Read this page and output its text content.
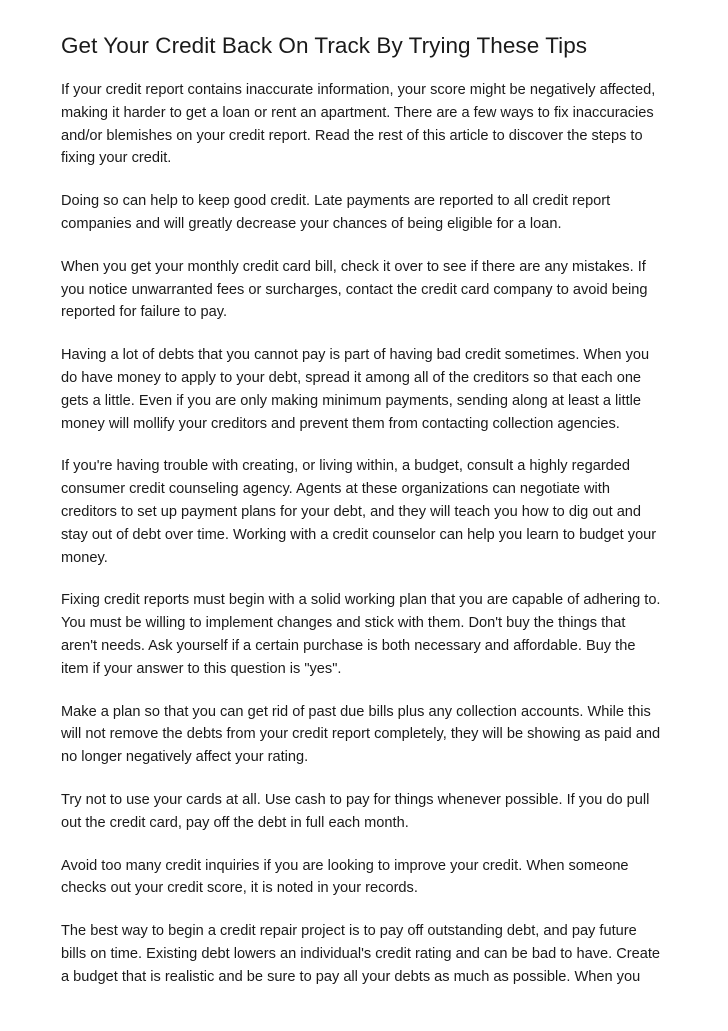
Get Your Credit Back On Track By Trying These Tips

If your credit report contains inaccurate information, your score might be negatively affected,
making it harder to get a loan or rent an apartment. There are a few ways to fix inaccuracies
and/or blemishes on your credit report. Read the rest of this article to discover the steps to
fixing your credit.

Doing so can help to keep good credit. Late payments are reported to all credit report
companies and will greatly decrease your chances of being eligible for a loan.

When you get your monthly credit card bill, check it over to see if there are any mistakes. If
you notice unwarranted fees or surcharges, contact the credit card company to avoid being
reported for failure to pay.

Having a lot of debts that you cannot pay is part of having bad credit sometimes. When you
do have money to apply to your debt, spread it among all of the creditors so that each one
gets a little. Even if you are only making minimum payments, sending along at least a little
money will mollify your creditors and prevent them from contacting collection agencies.

If you're having trouble with creating, or living within, a budget, consult a highly regarded
consumer credit counseling agency. Agents at these organizations can negotiate with
creditors to set up payment plans for your debt, and they will teach you how to dig out and
stay out of debt over time. Working with a credit counselor can help you learn to budget your
money.

Fixing credit reports must begin with a solid working plan that you are capable of adhering to.
You must be willing to implement changes and stick with them. Don't buy the things that
aren't needs. Ask yourself if a certain purchase is both necessary and affordable. Buy the
item if your answer to this question is "yes".

Make a plan so that you can get rid of past due bills plus any collection accounts. While this
will not remove the debts from your credit report completely, they will be showing as paid and
no longer negatively affect your rating.

Try not to use your cards at all. Use cash to pay for things whenever possible. If you do pull
out the credit card, pay off the debt in full each month.

Avoid too many credit inquiries if you are looking to improve your credit. When someone
checks out your credit score, it is noted in your records.

The best way to begin a credit repair project is to pay off outstanding debt, and pay future
bills on time. Existing debt lowers an individual's credit rating and can be bad to have. Create
a budget that is realistic and be sure to pay all your debts as much as possible. When you
